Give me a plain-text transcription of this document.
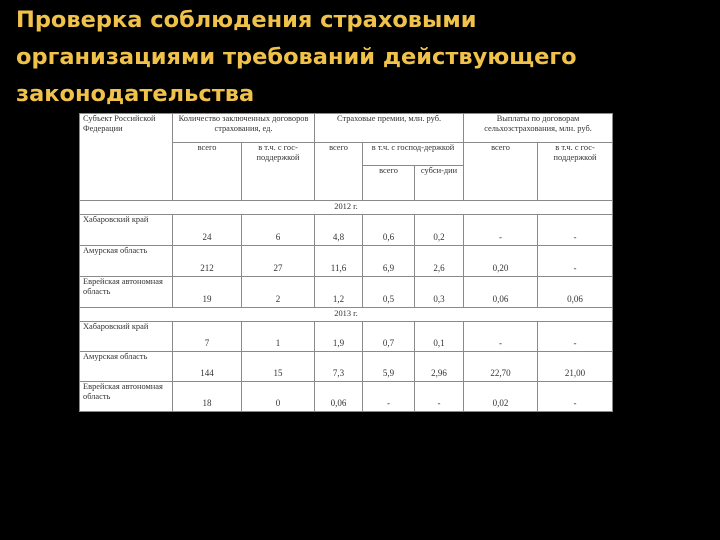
Проверка соблюдения страховыми
организациями требований действующего
законодательства
Субъект Российской Федерации	Количество заключенных договоров страхования, ед.		Страховые премии, млн. руб.			Выплаты по договорам сельхозстрахования, млн. руб.	
	всего	в т.ч. с гос-поддержкой	всего	в т.ч. с господ-держкой		всего	в т.ч. с гос-поддержкой
				всего	субси-дии		
2012 г.							
Хабаровский край	24	6	4,8	0,6	0,2	-	-
Амурская область	212	27	11,6	6,9	2,6	0,20	-
Еврейская автономная область	19	2	1,2	0,5	0,3	0,06	0,06
2013 г.							
Хабаровский край	7	1	1,9	0,7	0,1	-	-
Амурская область	144	15	7,3	5,9	2,96	22,70	21,00
Еврейская автономная область	18	0	0,06	-	-	0,02	-
